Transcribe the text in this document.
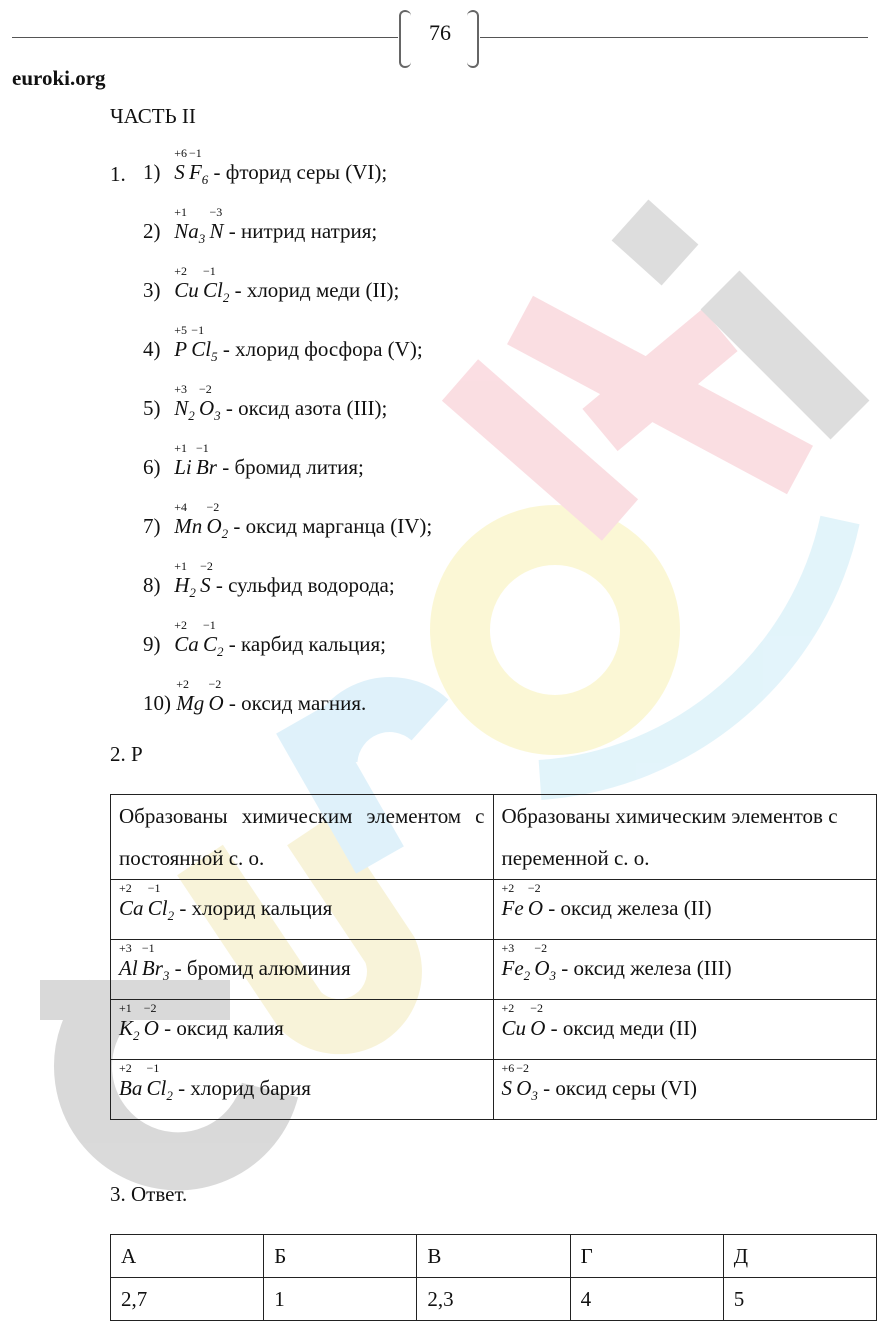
76
euroki.org
ЧАСТЬ II
1. 1)
+6
S 
−1
$F_6$ - фторид серы (VI);
2)
+1
$Na_3$ 
−3
N - нитрид натрия;
3)
+2
Cu 
−1
$Cl_2$ - хлорид меди (II);
4)
+5
P 
−1
$Cl_5$ - хлорид фосфора (V);
5)
+3
$N_2$ 
−2
$O_3$ - оксид азота (III);
6)
+1
Li 
−1
Br - бромид лития;
7)
+4
Mn 
−2
$O_2$ - оксид марганца (IV);
8)
+1
$H_2$ 
−2
S - сульфид водорода;
9)
+2
Ca 
−1
$C_2$ - карбид кальция;
10)
+2
Mg 
−2
O - оксид магния.
2. Р
Образованы химическим элементом с постоянной с. о.	Образованы химическим элементов с переменной с. о.

+2
Ca 
−1
$Cl_2$ - хлорид кальция	+2
Fe 
−2
O - оксид железа (II)

+3
Al 
−1
$Br_3$ - бромид алюминия	+3
$Fe_2$ 
−2
$O_3$ - оксид железа (III)

+1
$K_2$ 
−2
O - оксид калия	+2
Cu 
−2
O - оксид меди (II)

+2
Ba 
−1
$Cl_2$ - хлорид бария	+6
S 
−2
$O_3$ - оксид серы (VI)
3. Ответ.
А	Б	В	Г	Д
2,7	1	2,3	4	5
